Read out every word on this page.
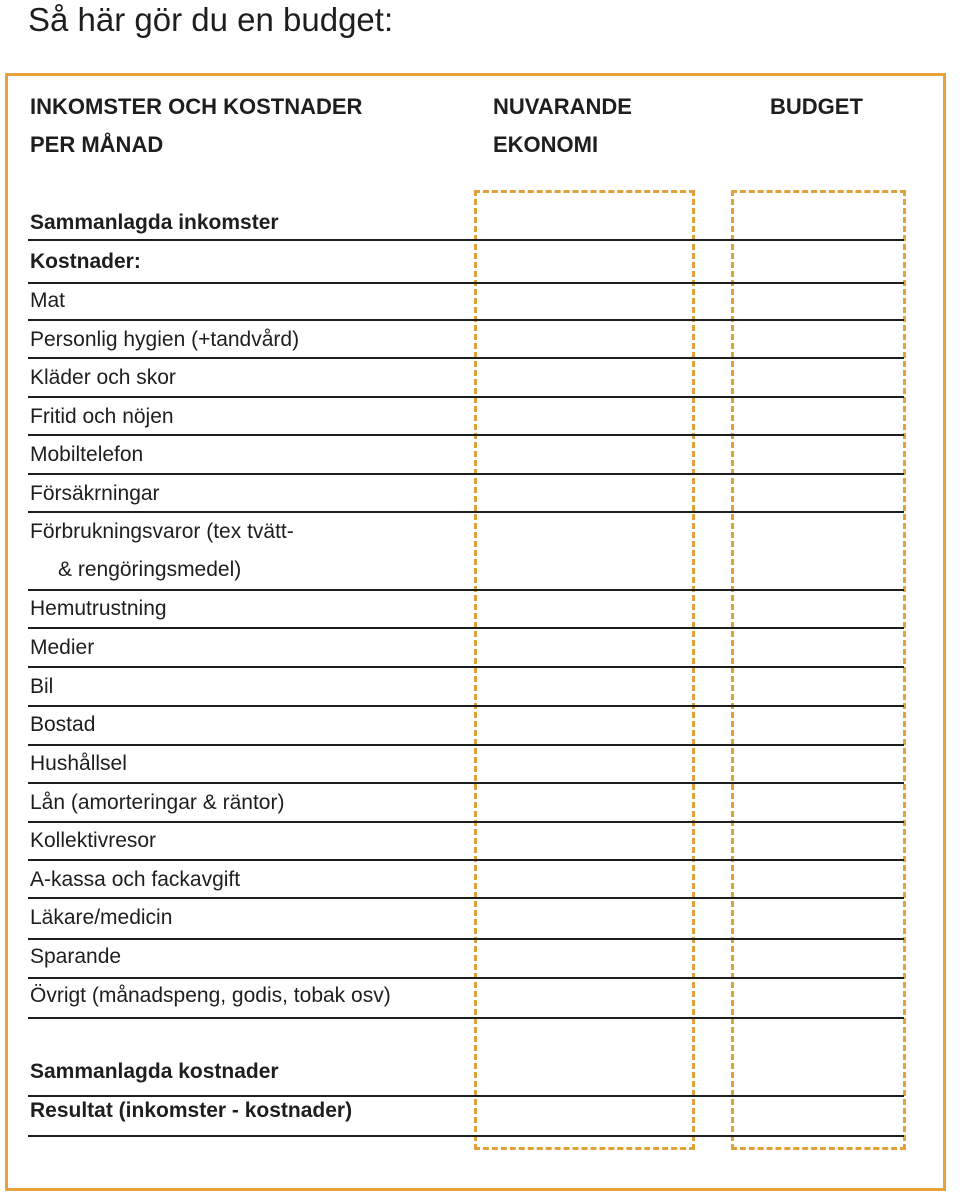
Så här gör du en budget:
INKOMSTER OCH KOSTNADER
PER MÅNAD
NUVARANDE
EKONOMI
BUDGET
Sammanlagda inkomster
Kostnader:
Mat
Personlig hygien (+tandvård)
Kläder och skor
Fritid och nöjen
Mobiltelefon
Försäkrningar
Förbrukningsvaror (tex tvätt-
& rengöringsmedel)
Hemutrustning
Medier
Bil
Bostad
Hushållsel
Lån (amorteringar & räntor)
Kollektivresor
A-kassa och fackavgift
Läkare/medicin
Sparande
Övrigt (månadspeng, godis, tobak osv)
Sammanlagda kostnader
Resultat (inkomster - kostnader)
